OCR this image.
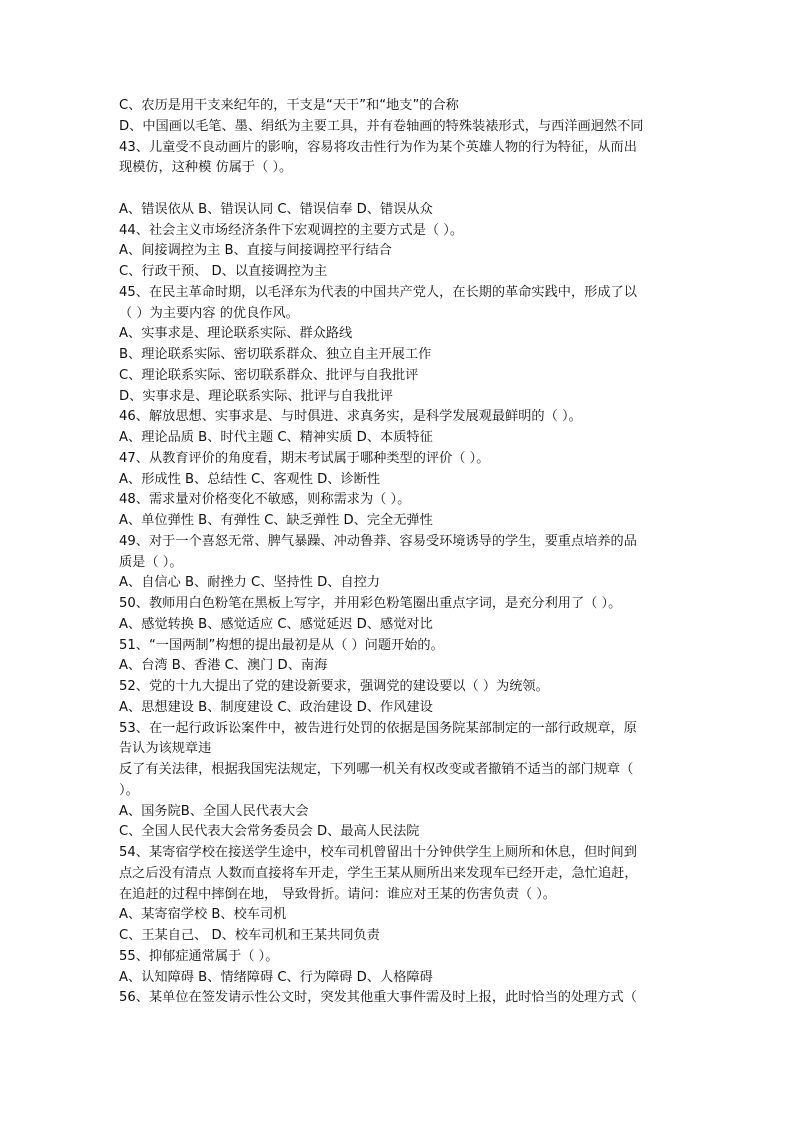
C、农历是用干支来纪年的，干支是“天干”和“地支”的合称
D、中国画以毛笔、墨、绢纸为主要工具，并有卷轴画的特殊装裱形式，与西洋画迥然不同
43、儿童受不良动画片的影响，容易将攻击性行为作为某个英雄人物的行为特征，从而出
现模仿，这种模 仿属于（ ）。
A、错误依从 B、错误认同 C、错误信奉 D、错误从众
44、社会主义市场经济条件下宏观调控的主要方式是（ ）。
A、间接调控为主 B、直接与间接调控平行结合
C、行政干预、 D、以直接调控为主
45、在民主革命时期，以毛泽东为代表的中国共产党人，在长期的革命实践中，形成了以
（ ）为主要内容 的优良作风。
A、实事求是、理论联系实际、群众路线
B、理论联系实际、密切联系群众、独立自主开展工作
C、理论联系实际、密切联系群众、批评与自我批评
D、实事求是、理论联系实际、批评与自我批评
46、解放思想、实事求是、与时俱进、求真务实，是科学发展观最鲜明的（ ）。
A、理论品质 B、时代主题 C、精神实质 D、本质特征
47、从教育评价的角度看，期末考试属于哪种类型的评价（ ）。
A、形成性 B、总结性 C、客观性 D、诊断性
48、需求量对价格变化不敏感，则称需求为（ ）。
A、单位弹性 B、有弹性 C、缺乏弹性 D、完全无弹性
49、对于一个喜怒无常、脾气暴躁、冲动鲁莽、容易受环境诱导的学生，要重点培养的品
质是（ ）。
A、自信心 B、耐挫力 C、坚持性 D、自控力
50、教师用白色粉笔在黑板上写字，并用彩色粉笔圈出重点字词，是充分利用了（ ）。
A、感觉转换 B、感觉适应 C、感觉延迟 D、感觉对比
51、“一国两制”构想的提出最初是从（ ）问题开始的。
A、台湾 B、香港 C、澳门 D、南海
52、党的十九大提出了党的建设新要求，强调党的建设要以（ ）为统领。
A、思想建设 B、制度建设 C、政治建设 D、作风建设
53、在一起行政诉讼案件中，被告进行处罚的依据是国务院某部制定的一部行政规章，原
告认为该规章违
反了有关法律，根据我国宪法规定，下列哪一机关有权改变或者撤销不适当的部门规章（
）。
A、国务院B、全国人民代表大会
C、全国人民代表大会常务委员会 D、最高人民法院
54、某寄宿学校在接送学生途中，校车司机曾留出十分钟供学生上厕所和休息，但时间到
点之后没有清点 人数而直接将车开走，学生王某从厕所出来发现车已经开走，急忙追赶，
在追赶的过程中摔倒在地， 导致骨折。请问：谁应对王某的伤害负责（ ）。
A、某寄宿学校 B、校车司机
C、王某自己、 D、校车司机和王某共同负责
55、抑郁症通常属于（ ）。
A、认知障碍 B、情绪障碍 C、行为障碍 D、人格障碍
56、某单位在签发请示性公文时，突发其他重大事件需及时上报，此时恰当的处理方式（
